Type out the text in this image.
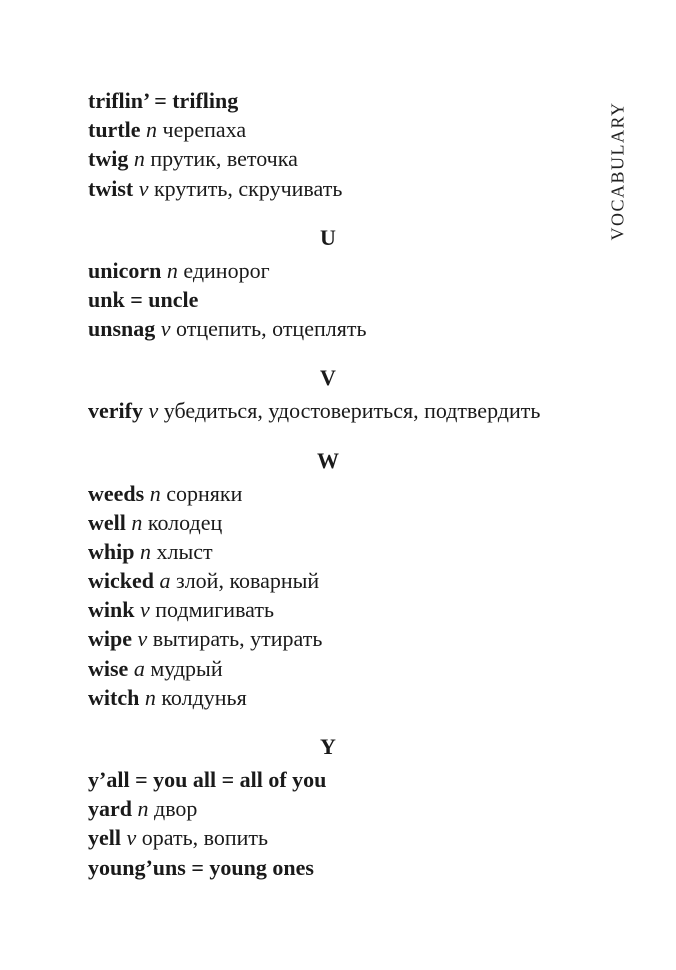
VOCABULARY
triflin’ = trifling
turtle n черепаха
twig n прутик, веточка
twist v крутить, скручивать
U
unicorn n единорог
unk = uncle
unsnag v отцепить, отцеплять
V
verify v убедиться, удостовериться, подтвердить
W
weeds n сорняки
well n колодец
whip n хлыст
wicked a злой, коварный
wink v подмигивать
wipe v вытирать, утирать
wise a мудрый
witch n колдунья
Y
y’all = you all = all of you
yard n двор
yell v орать, вопить
young’uns = young ones
